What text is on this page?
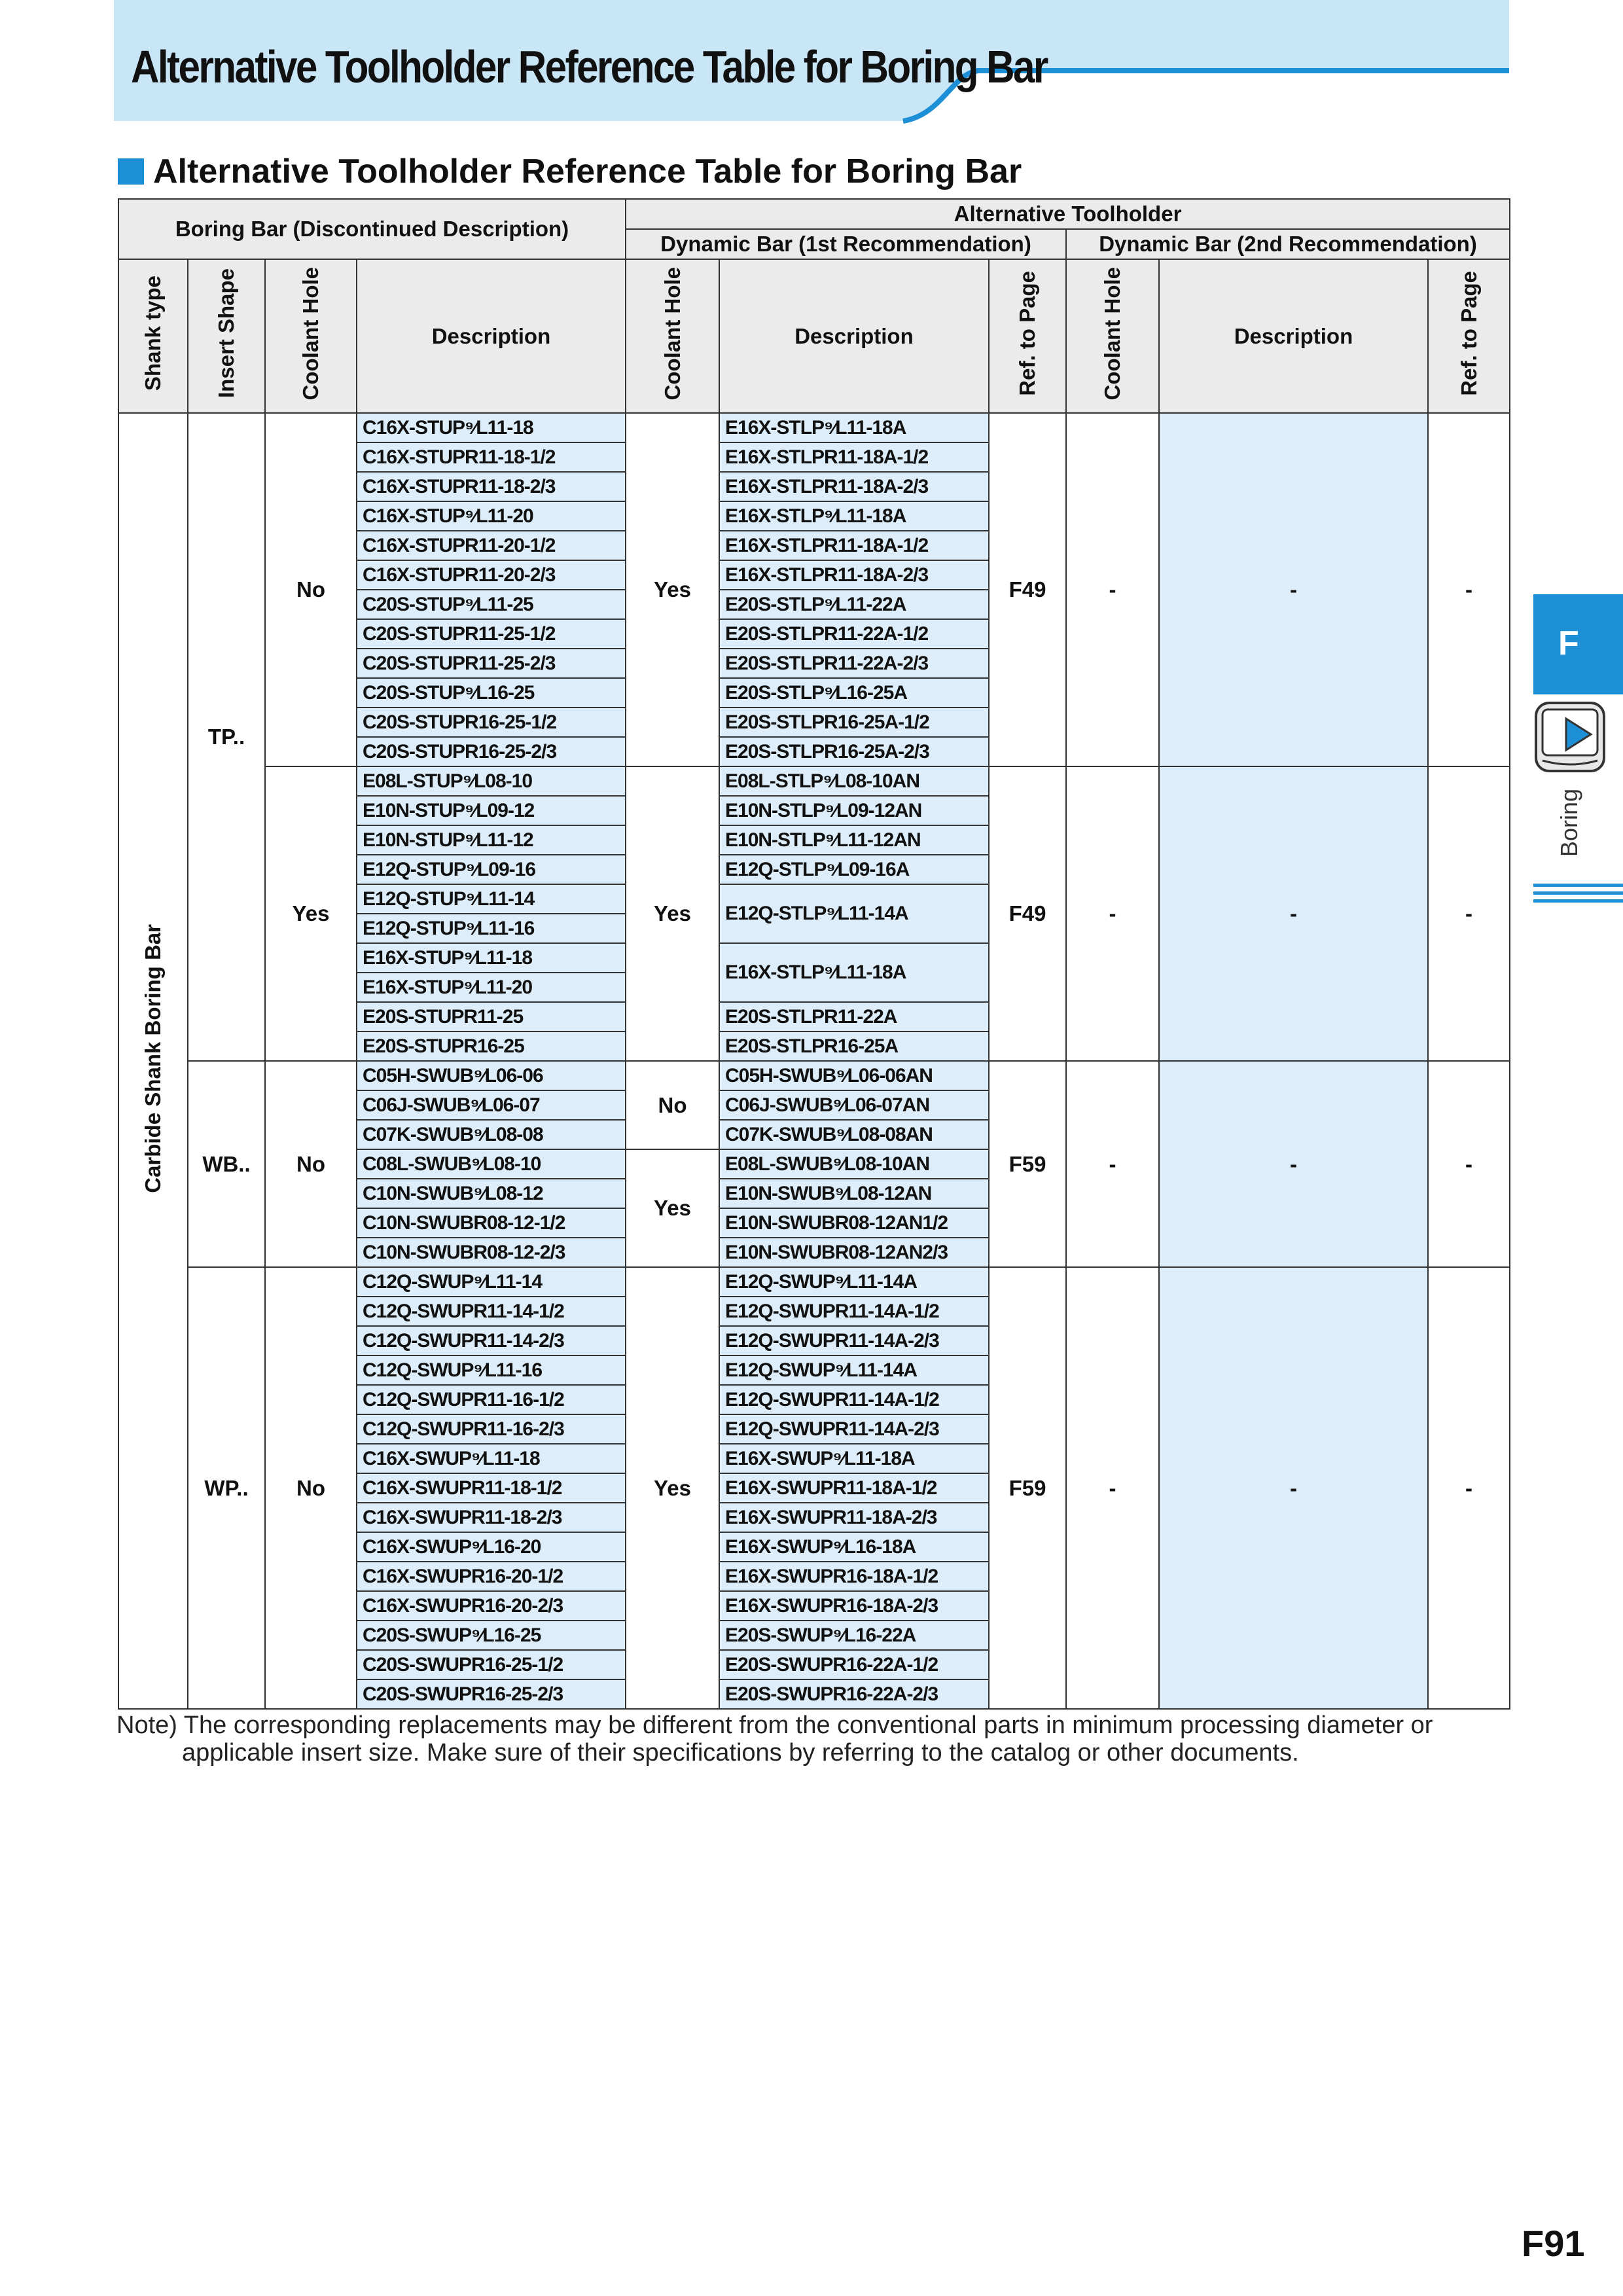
Alternative Toolholder Reference Table for Boring Bar
Alternative Toolholder Reference Table for Boring Bar
Boring Bar (Discontinued Description)				Alternative Toolholder					
				Dynamic Bar (1st Recommendation)			Dynamic Bar (2nd Recommendation)		
Shank type	Insert Shape	Coolant Hole	Description	Coolant Hole	Description	Ref. to Page	Coolant Hole	Description	Ref. to Page
Carbide Shank Boring Bar	TP..	No	C16X-STUP⁹⁄L11-18	Yes	E16X-STLP⁹⁄L11-18A	F49	-	-	-
			C16X-STUPR11-18-1/2		E16X-STLPR11-18A-1/2				
			C16X-STUPR11-18-2/3		E16X-STLPR11-18A-2/3				
			C16X-STUP⁹⁄L11-20		E16X-STLP⁹⁄L11-18A				
			C16X-STUPR11-20-1/2		E16X-STLPR11-18A-1/2				
			C16X-STUPR11-20-2/3		E16X-STLPR11-18A-2/3				
			C20S-STUP⁹⁄L11-25		E20S-STLP⁹⁄L11-22A				
			C20S-STUPR11-25-1/2		E20S-STLPR11-22A-1/2				
			C20S-STUPR11-25-2/3		E20S-STLPR11-22A-2/3				
			C20S-STUP⁹⁄L16-25		E20S-STLP⁹⁄L16-25A				
			C20S-STUPR16-25-1/2		E20S-STLPR16-25A-1/2				
			C20S-STUPR16-25-2/3		E20S-STLPR16-25A-2/3				
		Yes	E08L-STUP⁹⁄L08-10	Yes	E08L-STLP⁹⁄L08-10AN	F49	-	-	-
			E10N-STUP⁹⁄L09-12		E10N-STLP⁹⁄L09-12AN				
			E10N-STUP⁹⁄L11-12		E10N-STLP⁹⁄L11-12AN				
			E12Q-STUP⁹⁄L09-16		E12Q-STLP⁹⁄L09-16A				
			E12Q-STUP⁹⁄L11-14		E12Q-STLP⁹⁄L11-14A				
			E12Q-STUP⁹⁄L11-16						
			E16X-STUP⁹⁄L11-18		E16X-STLP⁹⁄L11-18A				
			E16X-STUP⁹⁄L11-20						
			E20S-STUPR11-25		E20S-STLPR11-22A				
			E20S-STUPR16-25		E20S-STLPR16-25A				
	WB..	No	C05H-SWUB⁹⁄L06-06	No	C05H-SWUB⁹⁄L06-06AN	F59	-	-	-
			C06J-SWUB⁹⁄L06-07		C06J-SWUB⁹⁄L06-07AN				
			C07K-SWUB⁹⁄L08-08		C07K-SWUB⁹⁄L08-08AN				
			C08L-SWUB⁹⁄L08-10	Yes	E08L-SWUB⁹⁄L08-10AN				
			C10N-SWUB⁹⁄L08-12		E10N-SWUB⁹⁄L08-12AN				
			C10N-SWUBR08-12-1/2		E10N-SWUBR08-12AN1/2				
			C10N-SWUBR08-12-2/3		E10N-SWUBR08-12AN2/3				
	WP..	No	C12Q-SWUP⁹⁄L11-14	Yes	E12Q-SWUP⁹⁄L11-14A	F59	-	-	-
			C12Q-SWUPR11-14-1/2		E12Q-SWUPR11-14A-1/2				
			C12Q-SWUPR11-14-2/3		E12Q-SWUPR11-14A-2/3				
			C12Q-SWUP⁹⁄L11-16		E12Q-SWUP⁹⁄L11-14A				
			C12Q-SWUPR11-16-1/2		E12Q-SWUPR11-14A-1/2				
			C12Q-SWUPR11-16-2/3		E12Q-SWUPR11-14A-2/3				
			C16X-SWUP⁹⁄L11-18		E16X-SWUP⁹⁄L11-18A				
			C16X-SWUPR11-18-1/2		E16X-SWUPR11-18A-1/2				
			C16X-SWUPR11-18-2/3		E16X-SWUPR11-18A-2/3				
			C16X-SWUP⁹⁄L16-20		E16X-SWUP⁹⁄L16-18A				
			C16X-SWUPR16-20-1/2		E16X-SWUPR16-18A-1/2				
			C16X-SWUPR16-20-2/3		E16X-SWUPR16-18A-2/3				
			C20S-SWUP⁹⁄L16-25		E20S-SWUP⁹⁄L16-22A				
			C20S-SWUPR16-25-1/2		E20S-SWUPR16-22A-1/2				
			C20S-SWUPR16-25-2/3		E20S-SWUPR16-22A-2/3				
Note) The corresponding replacements may be different from the conventional parts in minimum processing diameter or
applicable insert size. Make sure of their specifications by referring to the catalog or other documents.
F
Boring
F91
